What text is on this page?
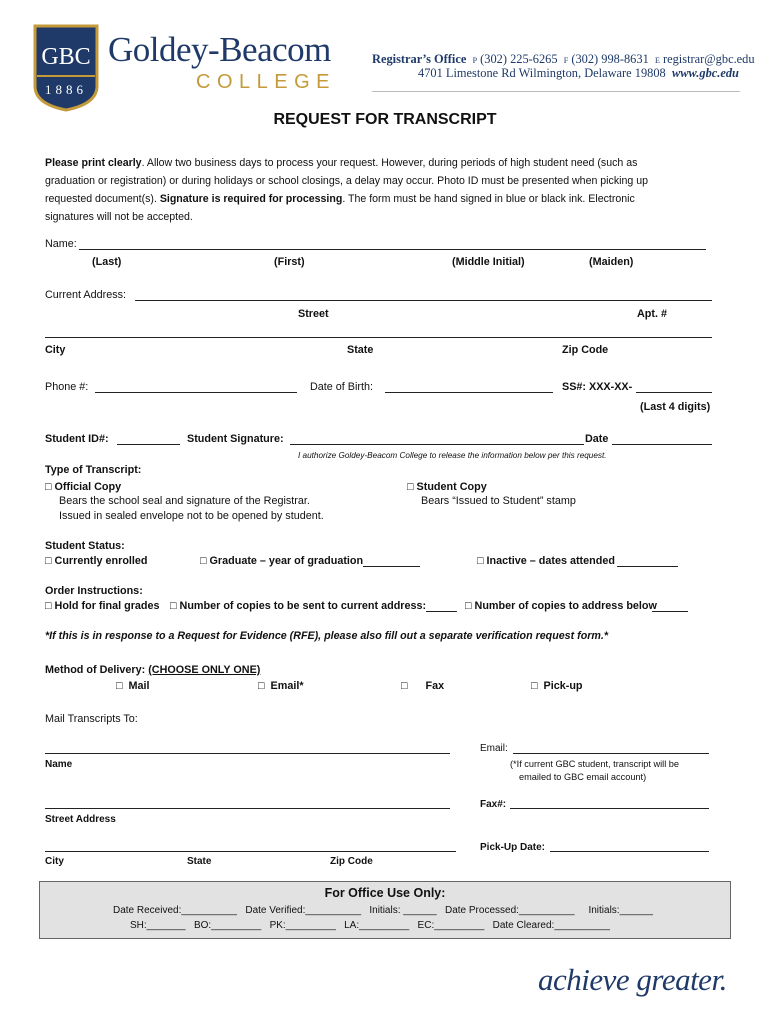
GBC
1886
Goldey-Beacom
COLLEGE
Registrar’s Office P (302) 225-6265 F (302) 998-8631 E registrar@gbc.edu
4701 Limestone Rd Wilmington, Delaware 19808 www.gbc.edu
REQUEST FOR TRANSCRIPT
Please print clearly. Allow two business days to process your request. However, during periods of high student need (such as
graduation or registration) or during holidays or school closings, a delay may occur. Photo ID must be presented when picking up
requested document(s). Signature is required for processing. The form must be hand signed in blue or black ink. Electronic
signatures will not be accepted.
Name:
(Last)	(First)	(Middle Initial)	(Maiden)
Current Address:
Street	Apt. #
City	State	Zip Code
Phone #:	Date of Birth:	SS#: XXX-XX-
(Last 4 digits)
Student ID#:	Student Signature:	Date
I authorize Goldey-Beacom College to release the information below per this request.
Type of Transcript:
□ Official Copy
Bears the school seal and signature of the Registrar.
Issued in sealed envelope not to be opened by student.
□ Student Copy
Bears “Issued to Student” stamp
Student Status:
□ Currently enrolled	□ Graduate – year of graduation	□ Inactive – dates attended
Order Instructions:
□ Hold for final grades □ Number of copies to be sent to current address:	□ Number of copies to address below
*If this is in response to a Request for Evidence (RFE), please also fill out a separate verification request form.*
Method of Delivery: (CHOOSE ONLY ONE)
□ Mail	□ Email*	□ Fax	□ Pick-up
Mail Transcripts To:
Name
Email:
(*If current GBC student, transcript will be
emailed to GBC email account)
Street Address
Fax#:
City	State	Zip Code
Pick-Up Date:
For Office Use Only:
Date Received:__________ Date Verified:__________ Initials: ______ Date Processed:__________ Initials:______
SH:_______ BO:_________ PK:_________ LA:_________ EC:_________ Date Cleared:__________
achieve greater.
